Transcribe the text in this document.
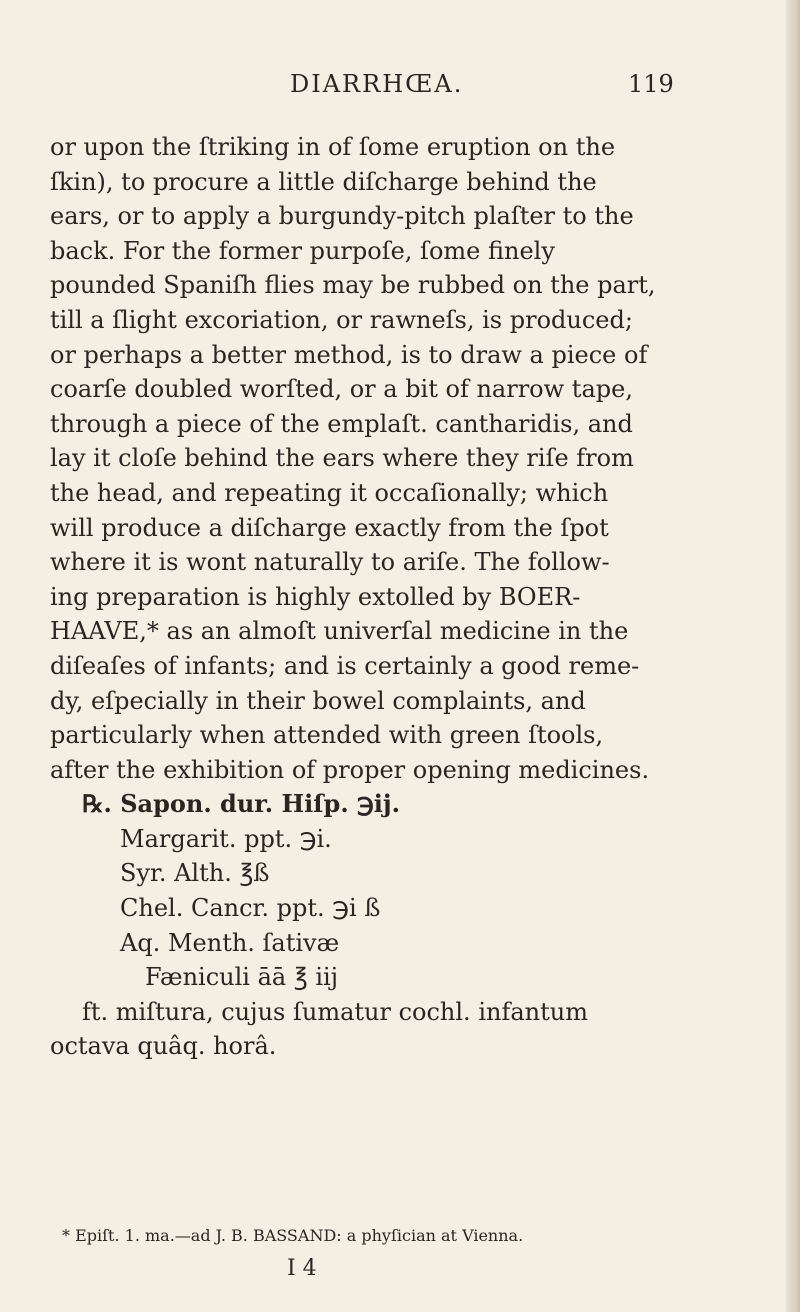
DIARRHŒA.	119
or upon the ſtriking in of ſome eruption on the
ſkin), to procure a little diſcharge behind the
ears, or to apply a burgundy-pitch plaſter to the
back. For the former purpoſe, ſome finely
pounded Spaniſh flies may be rubbed on the part,
till a ſlight excoriation, or rawneſs, is produced;
or perhaps a better method, is to draw a piece of
coarſe doubled worſted, or a bit of narrow tape,
through a piece of the emplaſt. cantharidis, and
lay it cloſe behind the ears where they riſe from
the head, and repeating it occaſionally; which
will produce a diſcharge exactly from the ſpot
where it is wont naturally to ariſe. The follow-
ing preparation is highly extolled by BOER-
HAAVE,* as an almoſt univerſal medicine in the
diſeaſes of infants; and is certainly a good reme-
dy, eſpecially in their bowel complaints, and
particularly when attended with green ſtools,
after the exhibition of proper opening medicines.
℞. Sapon. dur. Hiſp. ℈ij.
Margarit. ppt. ℈i.
Syr. Alth. ℥ß
Chel. Cancr. ppt. ℈i ß
Aq. Menth. ſativæ
Fæniculi āā ℥ iij
ft. miſtura, cujus ſumatur cochl. infantum
octava quâq. horâ.
* Epiſt. 1. ma.—ad J. B. BASSAND: a phyſician at Vienna.
I 4
